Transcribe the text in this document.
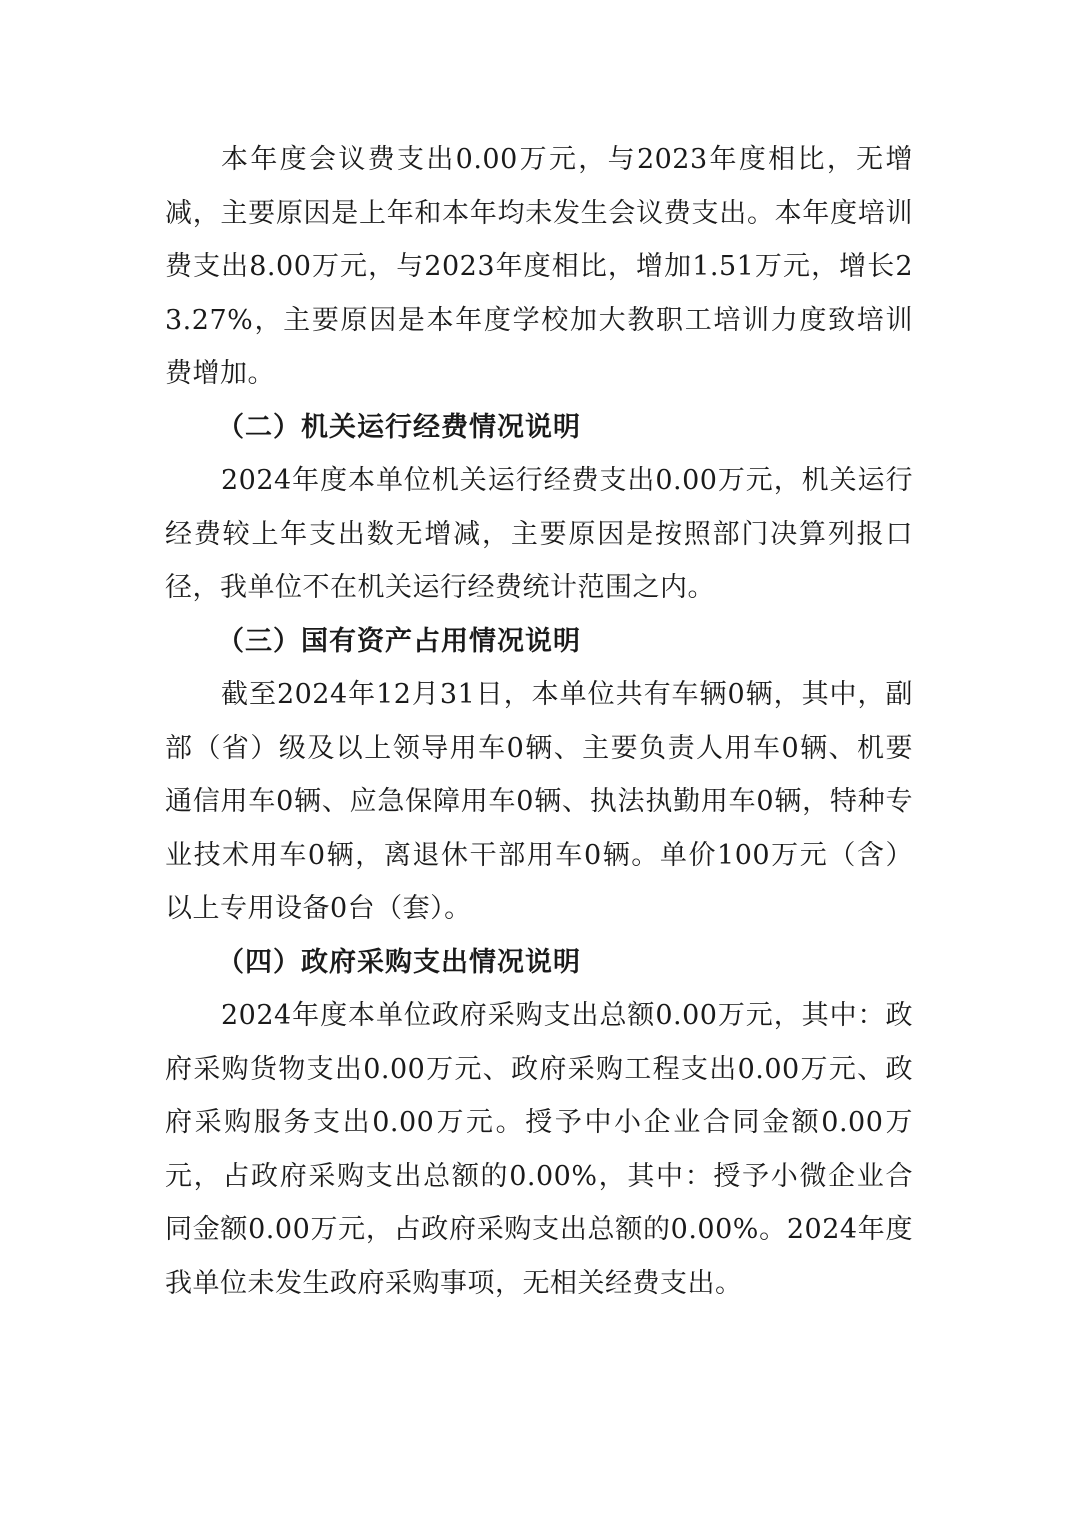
本年度会议费支出0.00万元，与2023年度相比，无增减，主要原因是上年和本年均未发生会议费支出。本年度培训费支出8.00万元，与2023年度相比，增加1.51万元，增长23.27%，主要原因是本年度学校加大教职工培训力度致培训费增加。

（二）机关运行经费情况说明

2024年度本单位机关运行经费支出0.00万元，机关运行经费较上年支出数无增减，主要原因是按照部门决算列报口径，我单位不在机关运行经费统计范围之内。

（三）国有资产占用情况说明

截至2024年12月31日，本单位共有车辆0辆，其中，副部（省）级及以上领导用车0辆、主要负责人用车0辆、机要通信用车0辆、应急保障用车0辆、执法执勤用车0辆，特种专业技术用车0辆，离退休干部用车0辆。单价100万元（含）以上专用设备0台（套）。

（四）政府采购支出情况说明

2024年度本单位政府采购支出总额0.00万元，其中：政府采购货物支出0.00万元、政府采购工程支出0.00万元、政府采购服务支出0.00万元。授予中小企业合同金额0.00万元，占政府采购支出总额的0.00%，其中：授予小微企业合同金额0.00万元，占政府采购支出总额的0.00%。2024年度我单位未发生政府采购事项，无相关经费支出。
